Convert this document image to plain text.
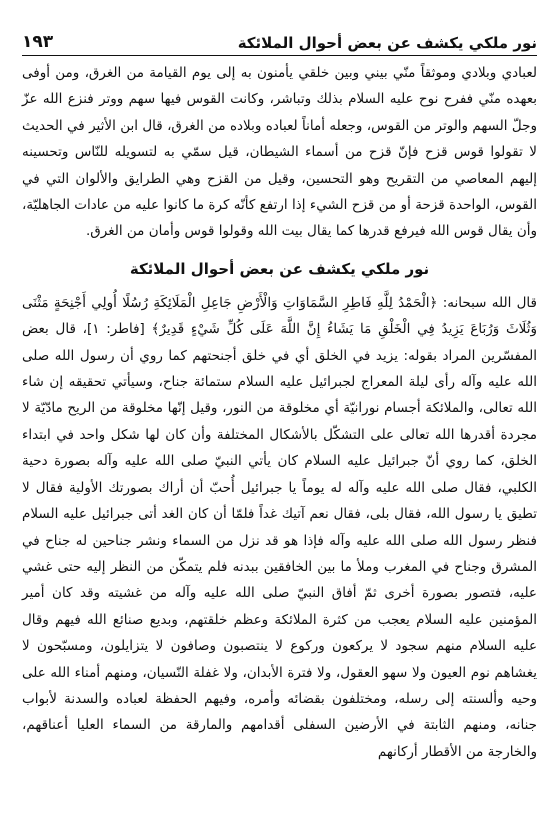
نور ملكي يكشف عن بعض أحوال الملائكة
١٩٣

لعبادي وبلادي وموثقاً منّي بيني وبين خلقي يأمنون به إلى يوم القيامة من الغرق، ومن أوفى بعهده منّي ففرح نوح عليه السلام بذلك وتباشر، وكانت القوس فيها سهم ووتر فنزع الله عزّ وجلّ السهم والوتر من القوس، وجعله أماناً لعباده وبلاده من الغرق، قال ابن الأثير في الحديث لا تقولوا قوس قزح فإنّ قزح من أسماء الشيطان، قيل سمّي به لتسويله للنّاس وتحسينه إليهم المعاصي من التقريح وهو التحسين، وقيل من القزح وهي الطرايق والألوان التي في القوس، الواحدة قزحة أو من قزح الشيء إذا ارتفع كأنّه كرة ما كانوا عليه من عادات الجاهليّة، وأن يقال قوس الله فيرفع قدرها كما يقال بيت الله وقولوا قوس وأمان من الغرق.

نور ملكي يكشف عن بعض أحوال الملائكة

قال الله سبحانه: ﴿الْحَمْدُ لِلَّهِ فَاطِرِ السَّمَاوَاتِ وَالْأَرْضِ جَاعِلِ الْمَلَائِكَةِ رُسُلًا أُولِي أَجْنِحَةٍ مَثْنَى وَثُلَاثَ وَرُبَاعَ يَزِيدُ فِي الْخَلْقِ مَا يَشَاءُ إِنَّ اللَّهَ عَلَى كُلِّ شَيْءٍ قَدِيرٌ﴾ [فاطر: ١]، قال بعض المفسّرين المراد بقوله: يزيد في الخلق أي في خلق أجنحتهم كما روي أن رسول الله صلى الله عليه وآله رأى ليلة المعراج لجبرائيل عليه السلام ستمائة جناح، وسيأتي تحقيقه إن شاء الله تعالى، والملائكة أجسام نورانيّة أي مخلوقة من النور، وقيل إنّها مخلوقة من الريح مادّيّة لا مجردة أقدرها الله تعالى على التشكّل بالأشكال المختلفة وأن كان لها شكل واحد في ابتداء الخلق، كما روي أنّ جبرائيل عليه السلام كان يأتي النبيّ صلى الله عليه وآله بصورة دحية الكلبي، فقال صلى الله عليه وآله له يوماً يا جبرائيل أُحبّ أن أراك بصورتك الأولية فقال لا تطيق يا رسول الله، فقال بلى، فقال نعم آتيك غداً فلمّا أن كان الغد أتى جبرائيل عليه السلام فنظر رسول الله صلى الله عليه وآله فإذا هو قد نزل من السماء ونشر جناحين له جناح في المشرق وجناح في المغرب وملأ ما بين الخافقين ببدنه فلم يتمكّن من النظر إليه حتى غشي عليه، فتصور بصورة أخرى ثمّ أفاق النبيّ صلى الله عليه وآله من غشيته وقد كان أمير المؤمنين عليه السلام يعجب من كثرة الملائكة وعظم خلقتهم، وبديع صنائع الله فيهم وقال عليه السلام منهم سجود لا يركعون وركوع لا ينتصبون وصافون لا يتزايلون، ومسبّحون لا يغشاهم نوم العيون ولا سهو العقول، ولا فترة الأبدان، ولا غفلة النّسيان، ومنهم أمناء الله على وحيه وألسنته إلى رسله، ومختلفون بقضائه وأمره، وفيهم الحفظة لعباده والسدنة لأبواب جنانه، ومنهم الثابتة في الأرضين السفلى أقدامهم والمارقة من السماء العليا أعناقهم، والخارجة من الأقطار أركانهم
